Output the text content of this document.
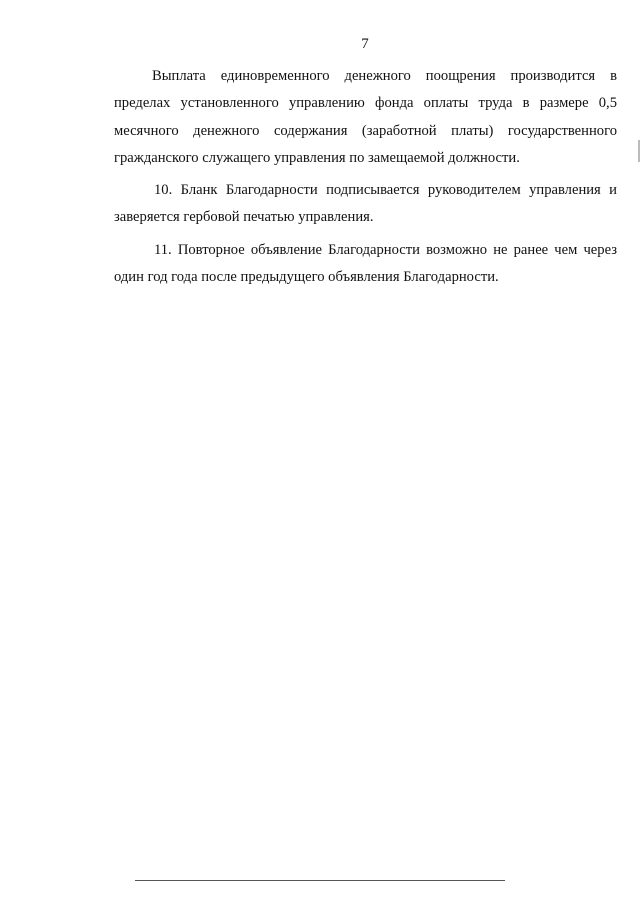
7

Выплата единовременного денежного поощрения производится в пределах установленного управлению фонда оплаты труда в размере 0,5 месячного денежного содержания (заработной платы) государственного гражданского служащего управления по замещаемой должности.

10. Бланк Благодарности подписывается руководителем управления и заверяется гербовой печатью управления.

11. Повторное объявление Благодарности возможно не ранее чем через один год года после предыдущего объявления Благодарности.
